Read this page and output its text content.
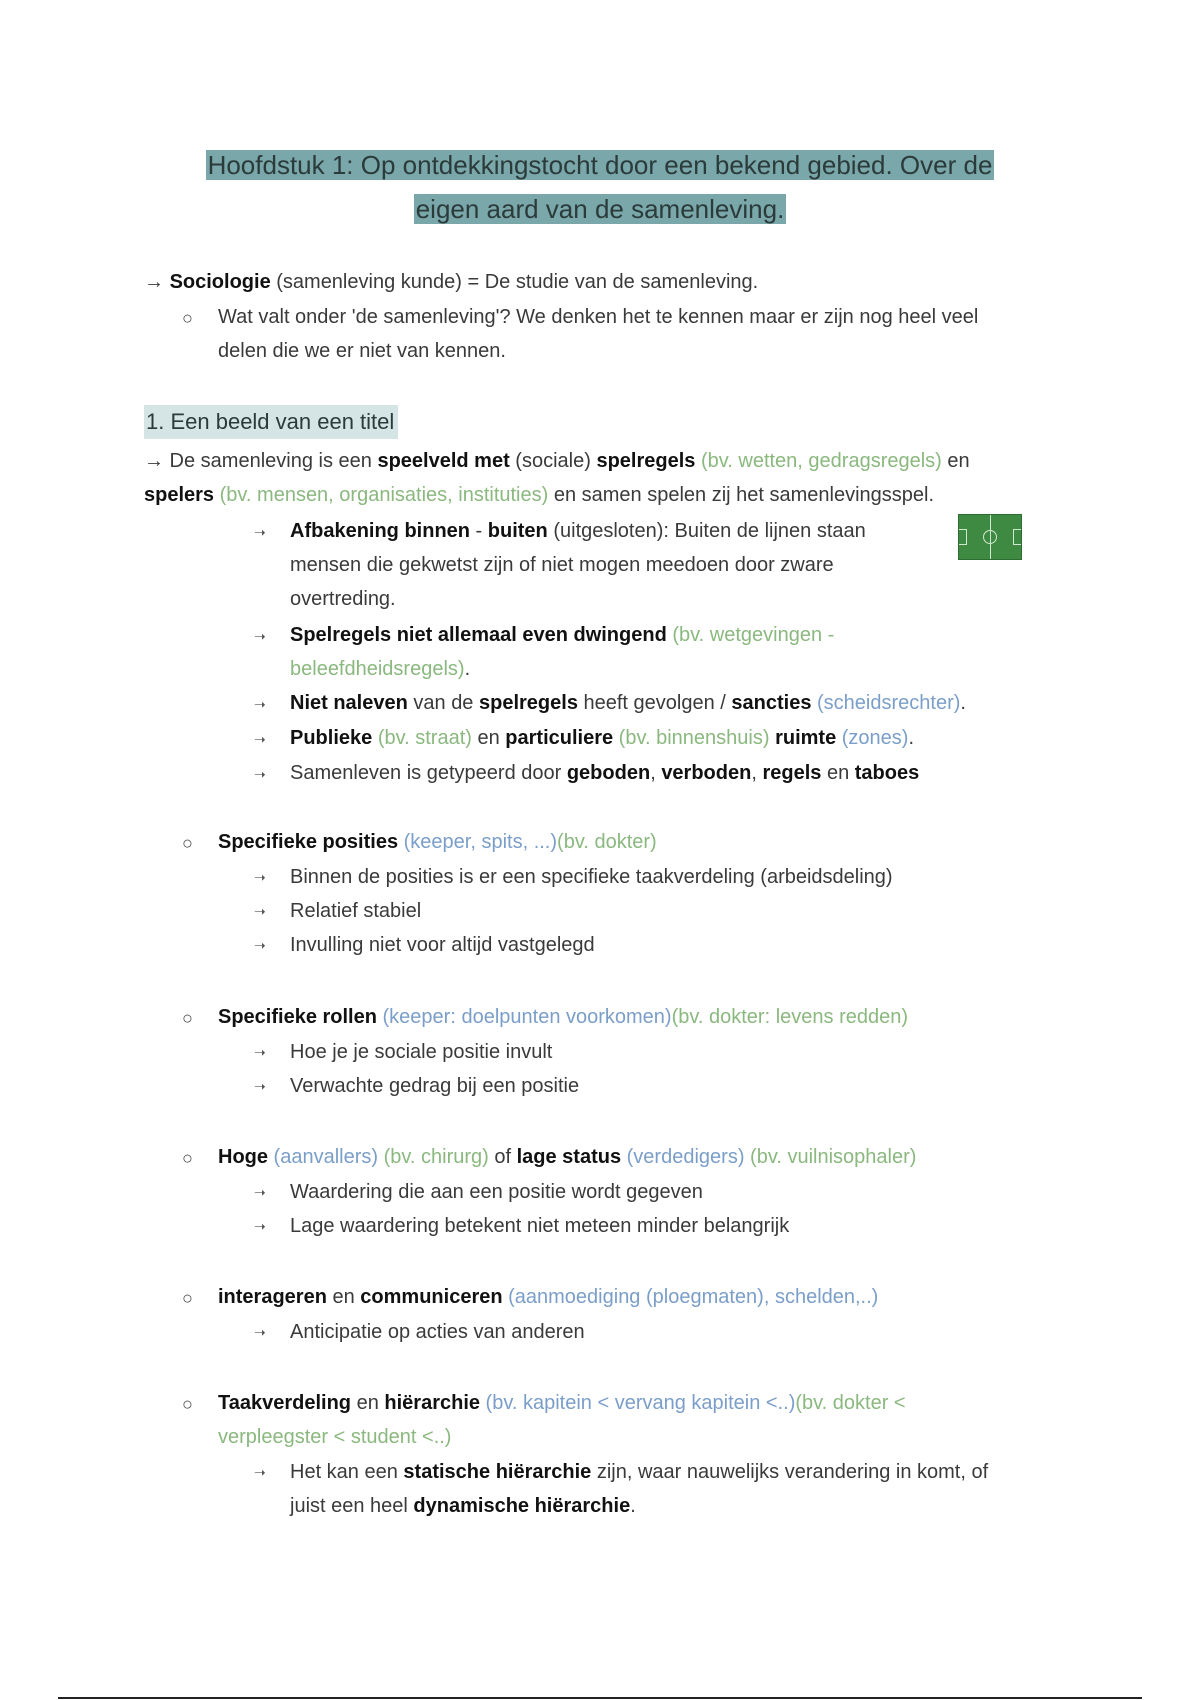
Hoofdstuk 1: Op ontdekkingstocht door een bekend gebied. Over de
eigen aard van de samenleving.
→ Sociologie (samenleving kunde) = De studie van de samenleving.
○ Wat valt onder 'de samenleving'? We denken het te kennen maar er zijn nog heel veel
delen die we er niet van kennen.
1. Een beeld van een titel
→ De samenleving is een speelveld met (sociale) spelregels (bv. wetten, gedragsregels) en
spelers (bv. mensen, organisaties, instituties) en samen spelen zij het samenlevingsspel.
➝ Afbakening binnen - buiten (uitgesloten): Buiten de lijnen staan
mensen die gekwetst zijn of niet mogen meedoen door zware
overtreding.
➝ Spelregels niet allemaal even dwingend (bv. wetgevingen -
beleefdheidsregels).
➝ Niet naleven van de spelregels heeft gevolgen / sancties (scheidsrechter).
➝ Publieke (bv. straat) en particuliere (bv. binnenshuis) ruimte (zones).
➝ Samenleven is getypeerd door geboden, verboden, regels en taboes
○ Specifieke posities (keeper, spits, ...)(bv. dokter)
➝ Binnen de posities is er een specifieke taakverdeling (arbeidsdeling)
➝ Relatief stabiel
➝ Invulling niet voor altijd vastgelegd
○ Specifieke rollen (keeper: doelpunten voorkomen)(bv. dokter: levens redden)
➝ Hoe je je sociale positie invult
➝ Verwachte gedrag bij een positie
○ Hoge (aanvallers) (bv. chirurg) of lage status (verdedigers) (bv. vuilnisophaler)
➝ Waardering die aan een positie wordt gegeven
➝ Lage waardering betekent niet meteen minder belangrijk
○ interageren en communiceren (aanmoediging (ploegmaten), schelden,..)
➝ Anticipatie op acties van anderen
○ Taakverdeling en hiërarchie (bv. kapitein < vervang kapitein <..)(bv. dokter <
verpleegster < student <..)
➝ Het kan een statische hiërarchie zijn, waar nauwelijks verandering in komt, of
juist een heel dynamische hiërarchie.
